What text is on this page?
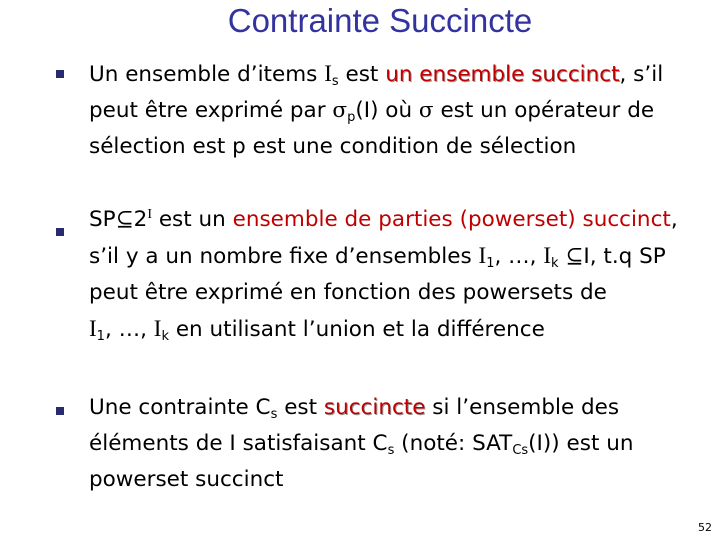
Contrainte Succincte
Un ensemble d’items $I_s$ est un ensemble succinct, s’il
peut être exprimé par $\sigma_p(I)$ où σ est un opérateur de
sélection est p est une condition de sélection
$SP⊆2^I$ est un ensemble de parties (powerset) succinct,
s’il y a un nombre fixe d’ensembles $I_1$, …, $I_k$ ⊆I, t.q SP
peut être exprimé en fonction des powersets de
$I_1$, …, $I_k$ en utilisant l’union et la différence
Une contrainte $C_s$ est succincte si l’ensemble des
éléments de I satisfaisant $C_s$ (noté: $SAT_{Cs}(I)$) est un
powerset succinct
52
